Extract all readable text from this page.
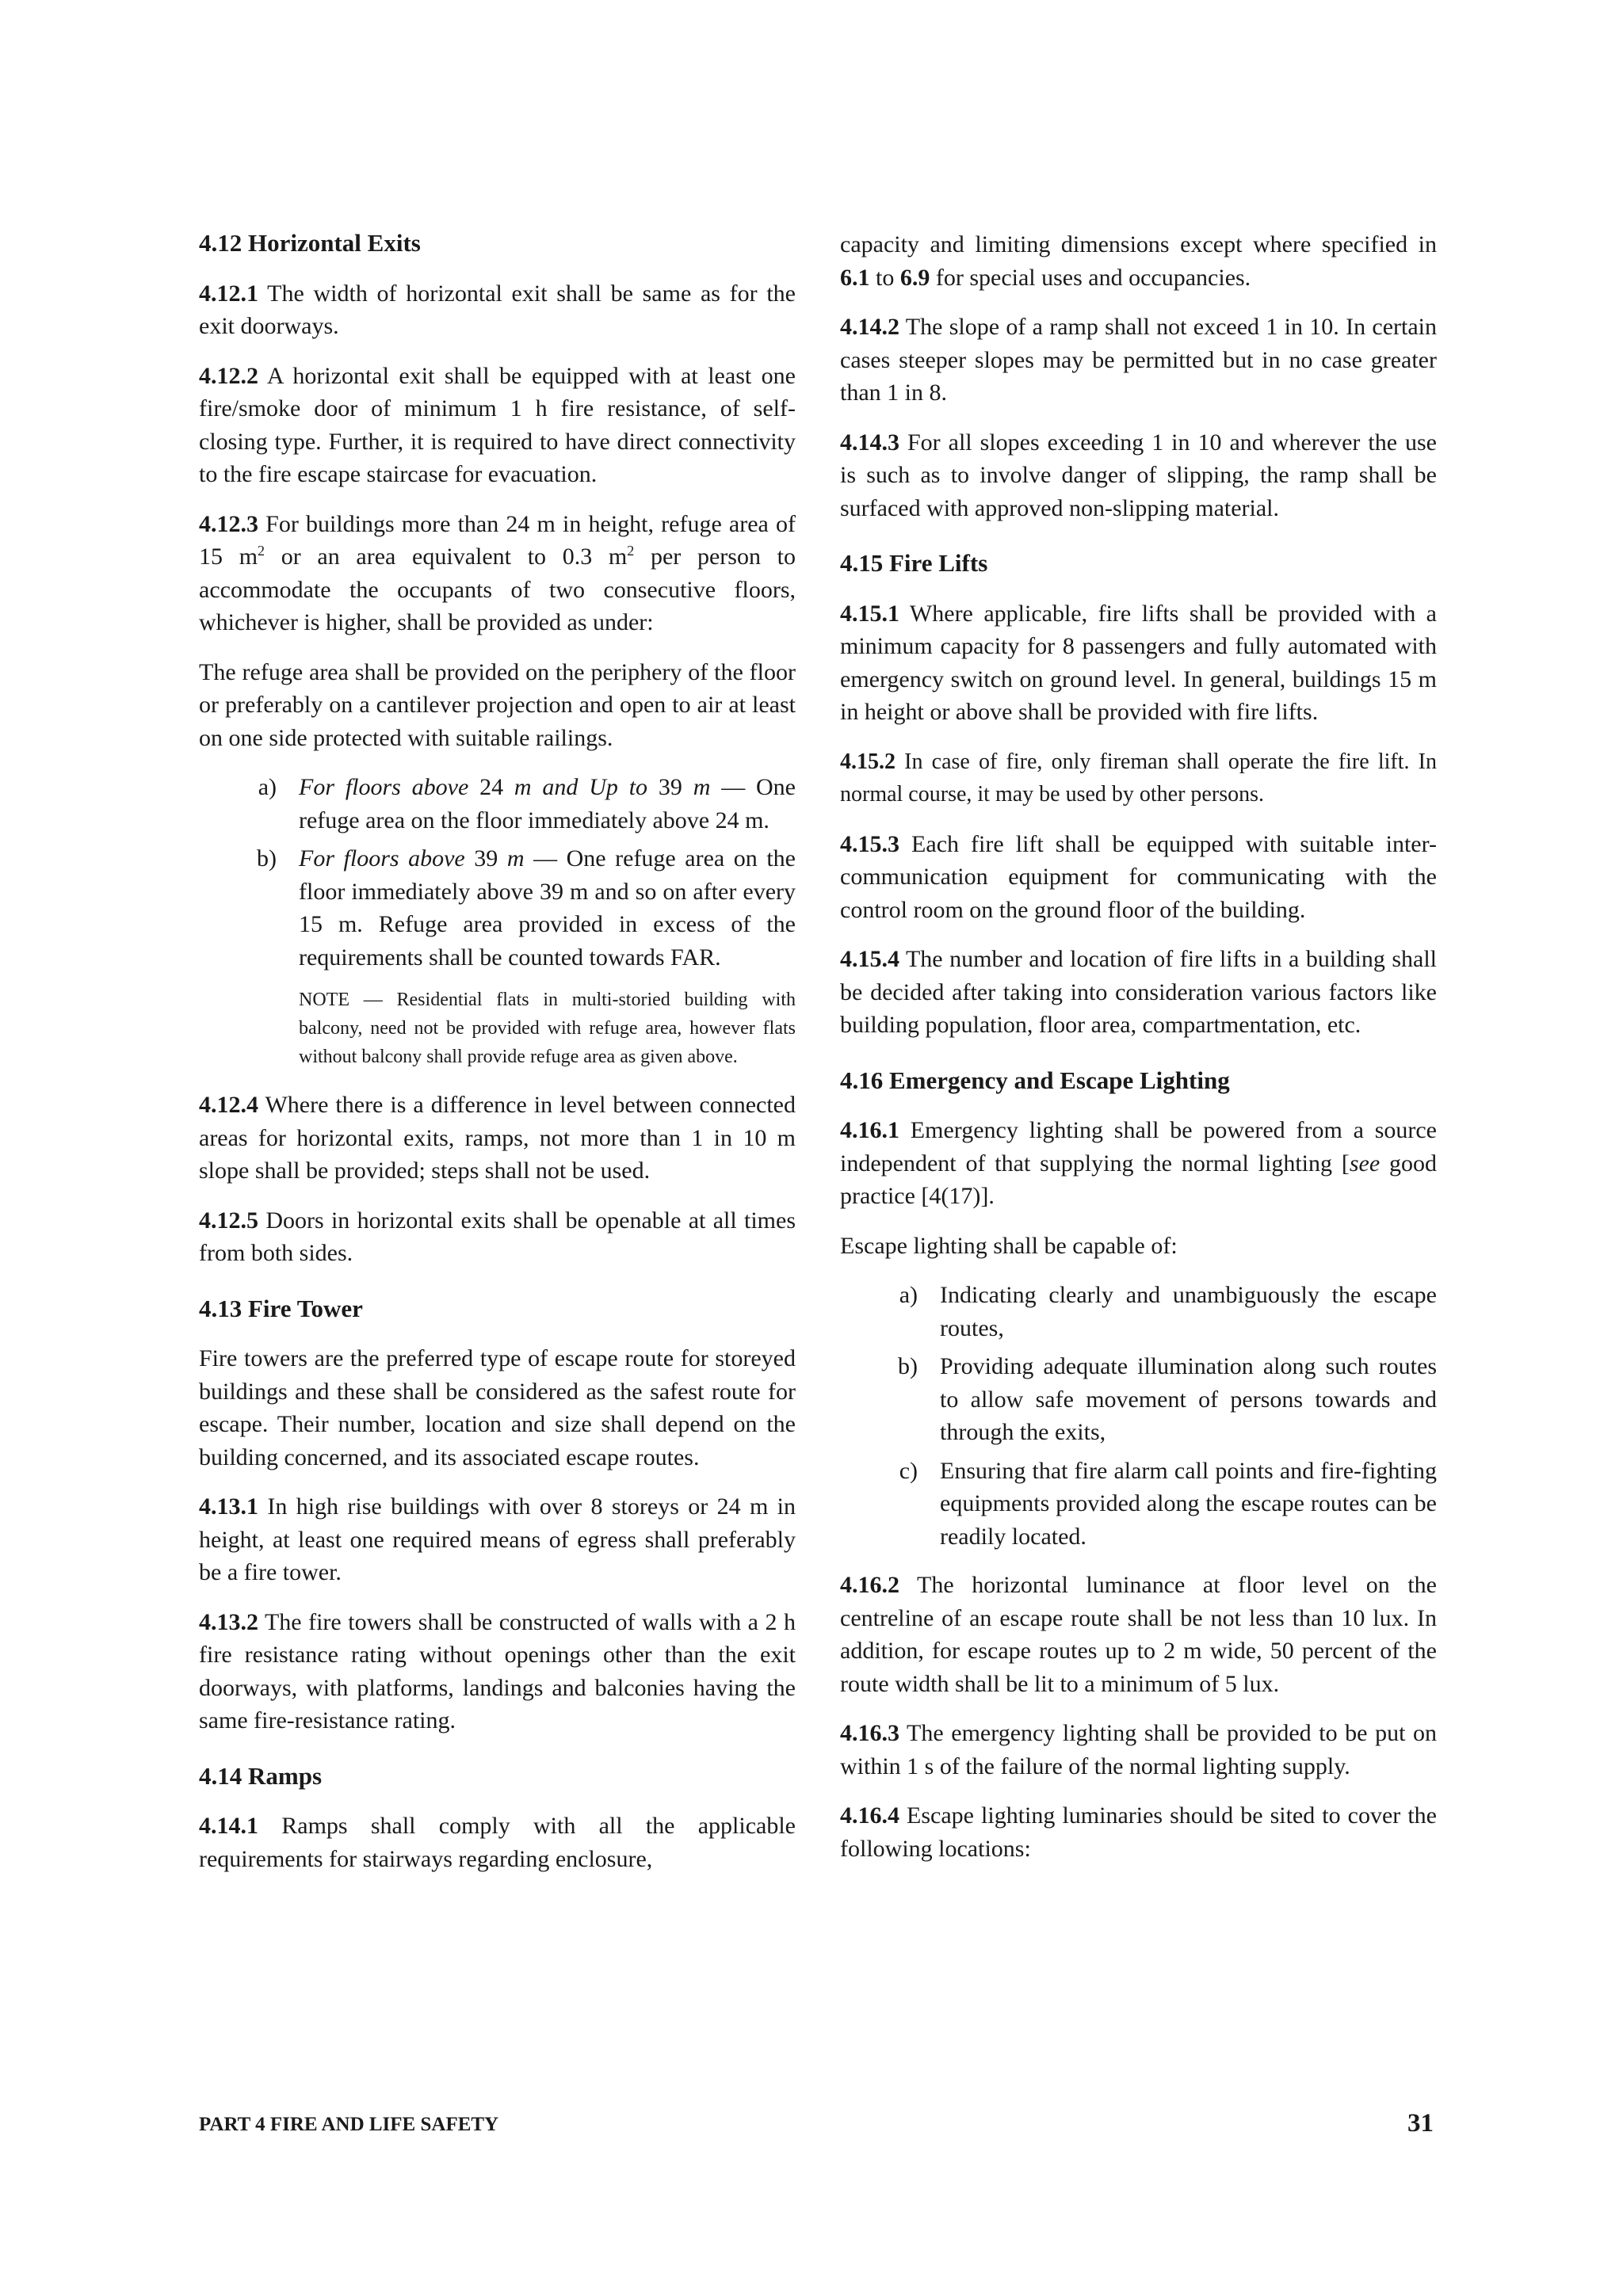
4.12 Horizontal Exits

4.12.1 The width of horizontal exit shall be same as for the exit doorways.

4.12.2 A horizontal exit shall be equipped with at least one fire/smoke door of minimum 1 h fire resistance, of self-closing type. Further, it is required to have direct connectivity to the fire escape staircase for evacuation.

4.12.3 For buildings more than 24 m in height, refuge area of 15 $m^2$ or an area equivalent to 0.3 $m^2$ per person to accommodate the occupants of two consecutive floors, whichever is higher, shall be provided as under:

The refuge area shall be provided on the periphery of the floor or preferably on a cantilever projection and open to air at least on one side protected with suitable railings.

a) For floors above 24 m and Up to 39 m — One refuge area on the floor immediately above 24 m.
b) For floors above 39 m — One refuge area on the floor immediately above 39 m and so on after every 15 m. Refuge area provided in excess of the requirements shall be counted towards FAR.
NOTE — Residential flats in multi-storied building with balcony, need not be provided with refuge area, however flats without balcony shall provide refuge area as given above.

4.12.4 Where there is a difference in level between connected areas for horizontal exits, ramps, not more than 1 in 10 m slope shall be provided; steps shall not be used.

4.12.5 Doors in horizontal exits shall be openable at all times from both sides.

4.13 Fire Tower

Fire towers are the preferred type of escape route for storeyed buildings and these shall be considered as the safest route for escape. Their number, location and size shall depend on the building concerned, and its associated escape routes.

4.13.1 In high rise buildings with over 8 storeys or 24 m in height, at least one required means of egress shall preferably be a fire tower.

4.13.2 The fire towers shall be constructed of walls with a 2 h fire resistance rating without openings other than the exit doorways, with platforms, landings and balconies having the same fire-resistance rating.

4.14 Ramps

4.14.1 Ramps shall comply with all the applicable requirements for stairways regarding enclosure,

capacity and limiting dimensions except where specified in 6.1 to 6.9 for special uses and occupancies.

4.14.2 The slope of a ramp shall not exceed 1 in 10. In certain cases steeper slopes may be permitted but in no case greater than 1 in 8.

4.14.3 For all slopes exceeding 1 in 10 and wherever the use is such as to involve danger of slipping, the ramp shall be surfaced with approved non-slipping material.

4.15 Fire Lifts

4.15.1 Where applicable, fire lifts shall be provided with a minimum capacity for 8 passengers and fully automated with emergency switch on ground level. In general, buildings 15 m in height or above shall be provided with fire lifts.

4.15.2 In case of fire, only fireman shall operate the fire lift. In normal course, it may be used by other persons.

4.15.3 Each fire lift shall be equipped with suitable inter-communication equipment for communicating with the control room on the ground floor of the building.

4.15.4 The number and location of fire lifts in a building shall be decided after taking into consideration various factors like building population, floor area, compartmentation, etc.

4.16 Emergency and Escape Lighting

4.16.1 Emergency lighting shall be powered from a source independent of that supplying the normal lighting [see good practice [4(17)].

Escape lighting shall be capable of:

a) Indicating clearly and unambiguously the escape routes,
b) Providing adequate illumination along such routes to allow safe movement of persons towards and through the exits,
c) Ensuring that fire alarm call points and fire-fighting equipments provided along the escape routes can be readily located.

4.16.2 The horizontal luminance at floor level on the centreline of an escape route shall be not less than 10 lux. In addition, for escape routes up to 2 m wide, 50 percent of the route width shall be lit to a minimum of 5 lux.

4.16.3 The emergency lighting shall be provided to be put on within 1 s of the failure of the normal lighting supply.

4.16.4 Escape lighting luminaries should be sited to cover the following locations:

PART 4 FIRE AND LIFE SAFETY	31
